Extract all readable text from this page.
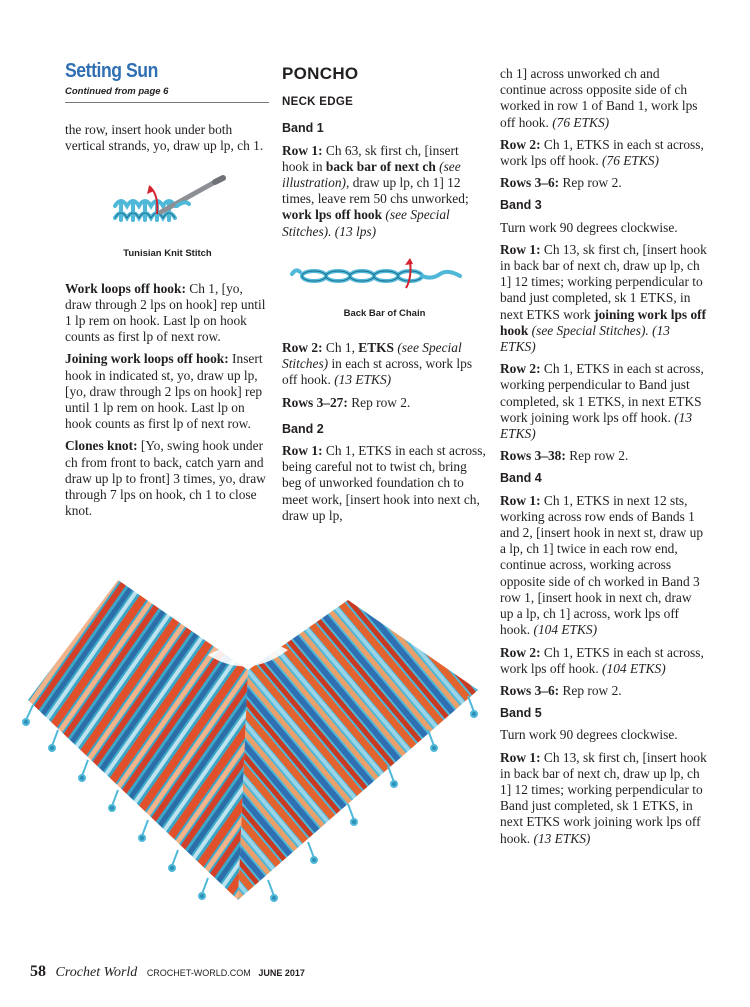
Setting Sun
Continued from page 6

the row, insert hook under both vertical strands, yo, draw up lp, ch 1.

Tunisian Knit Stitch

Work loops off hook: Ch 1, [yo, draw through 2 lps on hook] rep until 1 lp rem on hook. Last lp on hook counts as first lp of next row.

Joining work loops off hook: Insert hook in indicated st, yo, draw up lp, [yo, draw through 2 lps on hook] rep until 1 lp rem on hook. Last lp on hook counts as first lp of next row.

Clones knot: [Yo, swing hook under ch from front to back, catch yarn and draw up lp to front] 3 times, yo, draw through 7 lps on hook, ch 1 to close knot.

PONCHO
NECK EDGE
Band 1

Row 1: Ch 63, sk first ch, [insert hook in back bar of next ch (see illustration), draw up lp, ch 1] 12 times, leave rem 50 chs unworked; work lps off hook (see Special Stitches). (13 lps)

Back Bar of Chain

Row 2: Ch 1, ETKS (see Special Stitches) in each st across, work lps off hook. (13 ETKS)

Rows 3–27: Rep row 2.

Band 2

Row 1: Ch 1, ETKS in each st across, being careful not to twist ch, bring beg of unworked foundation ch to meet work, [insert hook into next ch, draw up lp,

ch 1] across unworked ch and continue across opposite side of ch worked in row 1 of Band 1, work lps off hook. (76 ETKS)

Row 2: Ch 1, ETKS in each st across, work lps off hook. (76 ETKS)

Rows 3–6: Rep row 2.

Band 3

Turn work 90 degrees clockwise.

Row 1: Ch 13, sk first ch, [insert hook in back bar of next ch, draw up lp, ch 1] 12 times; working perpendicular to band just completed, sk 1 ETKS, in next ETKS work joining work lps off hook (see Special Stitches). (13 ETKS)

Row 2: Ch 1, ETKS in each st across, working perpendicular to Band just completed, sk 1 ETKS, in next ETKS work joining work lps off hook. (13 ETKS)

Rows 3–38: Rep row 2.

Band 4

Row 1: Ch 1, ETKS in next 12 sts, working across row ends of Bands 1 and 2, [insert hook in next st, draw up a lp, ch 1] twice in each row end, continue across, working across opposite side of ch worked in Band 3 row 1, [insert hook in next ch, draw up a lp, ch 1] across, work lps off hook. (104 ETKS)

Row 2: Ch 1, ETKS in each st across, work lps off hook. (104 ETKS)

Rows 3–6: Rep row 2.

Band 5

Turn work 90 degrees clockwise.

Row 1: Ch 13, sk first ch, [insert hook in back bar of next ch, draw up lp, ch 1] 12 times; working perpendicular to Band just completed, sk 1 ETKS, in next ETKS work joining work lps off hook. (13 ETKS)

58 Crochet World CROCHET-WORLD.COM JUNE 2017
